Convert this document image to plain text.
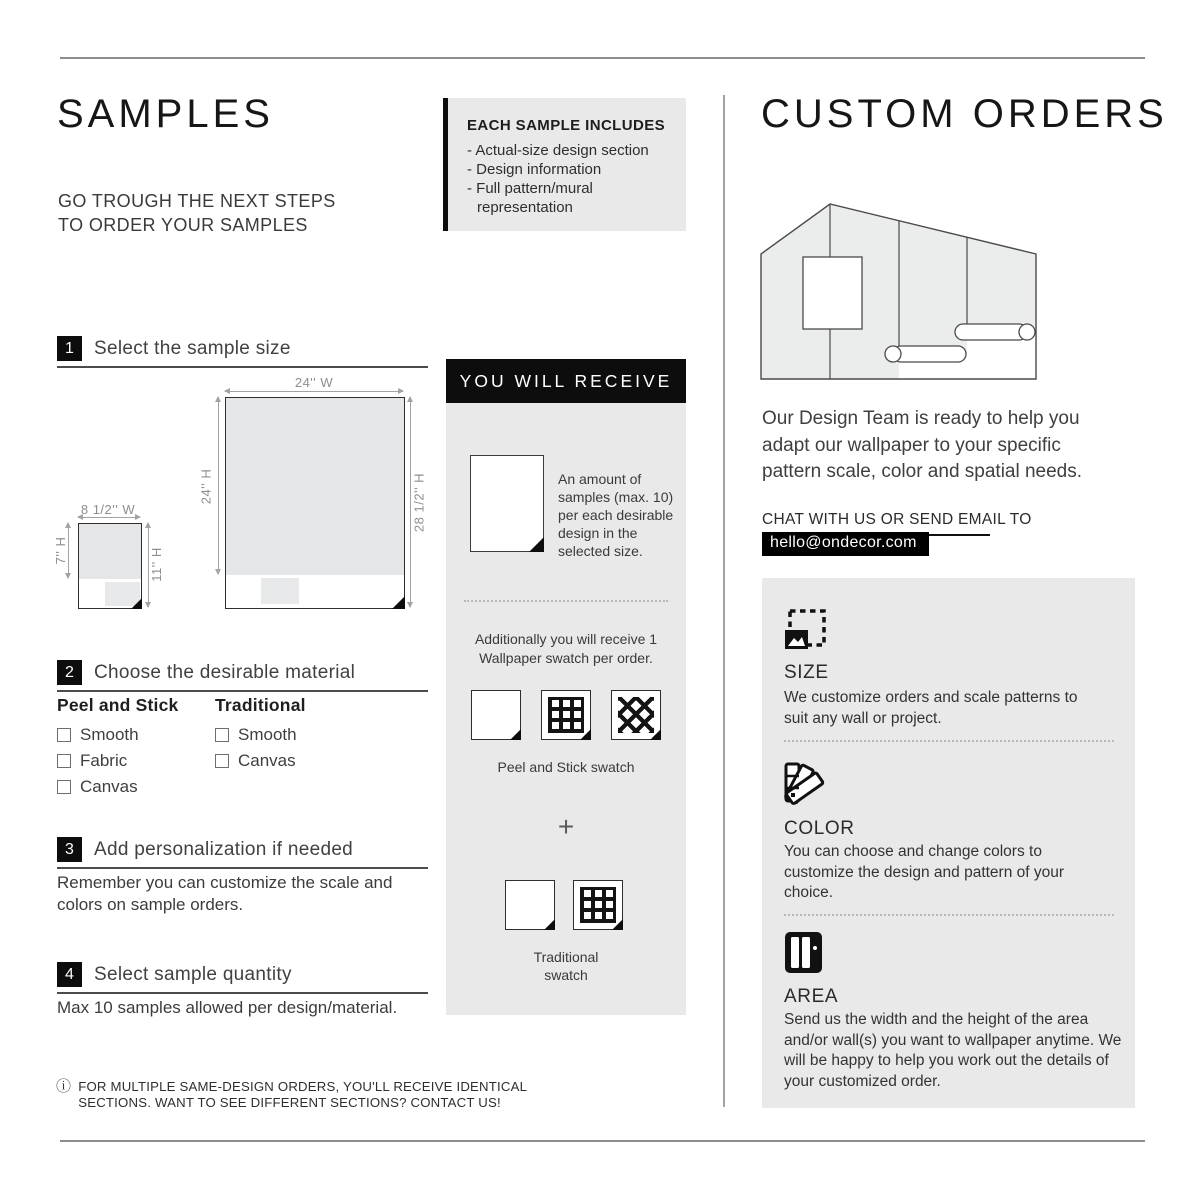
SAMPLES
GO TROUGH THE NEXT STEPS
TO ORDER YOUR SAMPLES
1	Select the sample size
8 1/2'' W
7'' H	11'' H
24'' W
24'' H	28 1/2'' H
2	Choose the desirable material
Peel and Stick
Smooth
Fabric
Canvas
Traditional
Smooth
Canvas
3	Add personalization if needed
Remember you can customize the scale and colors on sample orders.
4	Select sample quantity
Max 10 samples allowed per design/material.
ⓘ FOR MULTIPLE SAME-DESIGN ORDERS, YOU'LL RECEIVE IDENTICAL
SECTIONS. WANT TO SEE DIFFERENT SECTIONS? CONTACT US!
EACH SAMPLE INCLUDES
- Actual-size design section
- Design information
- Full pattern/mural representation
YOU WILL RECEIVE
An amount of samples (max. 10) per each desirable design in the selected size.
Additionally you will receive 1 Wallpaper swatch per order.
Peel and Stick swatch
+
Traditional swatch
CUSTOM ORDERS
Our Design Team is ready to help you adapt our wallpaper to your specific pattern scale, color and spatial needs.
CHAT WITH US OR SEND EMAIL TO
hello@ondecor.com
SIZE
We customize orders and scale patterns to suit any wall or project.
COLOR
You can choose and change colors to customize the design and pattern of your choice.
AREA
Send us the width and the height of the area and/or wall(s) you want to wallpaper anytime. We will be happy to help you work out the details of your customized order.
